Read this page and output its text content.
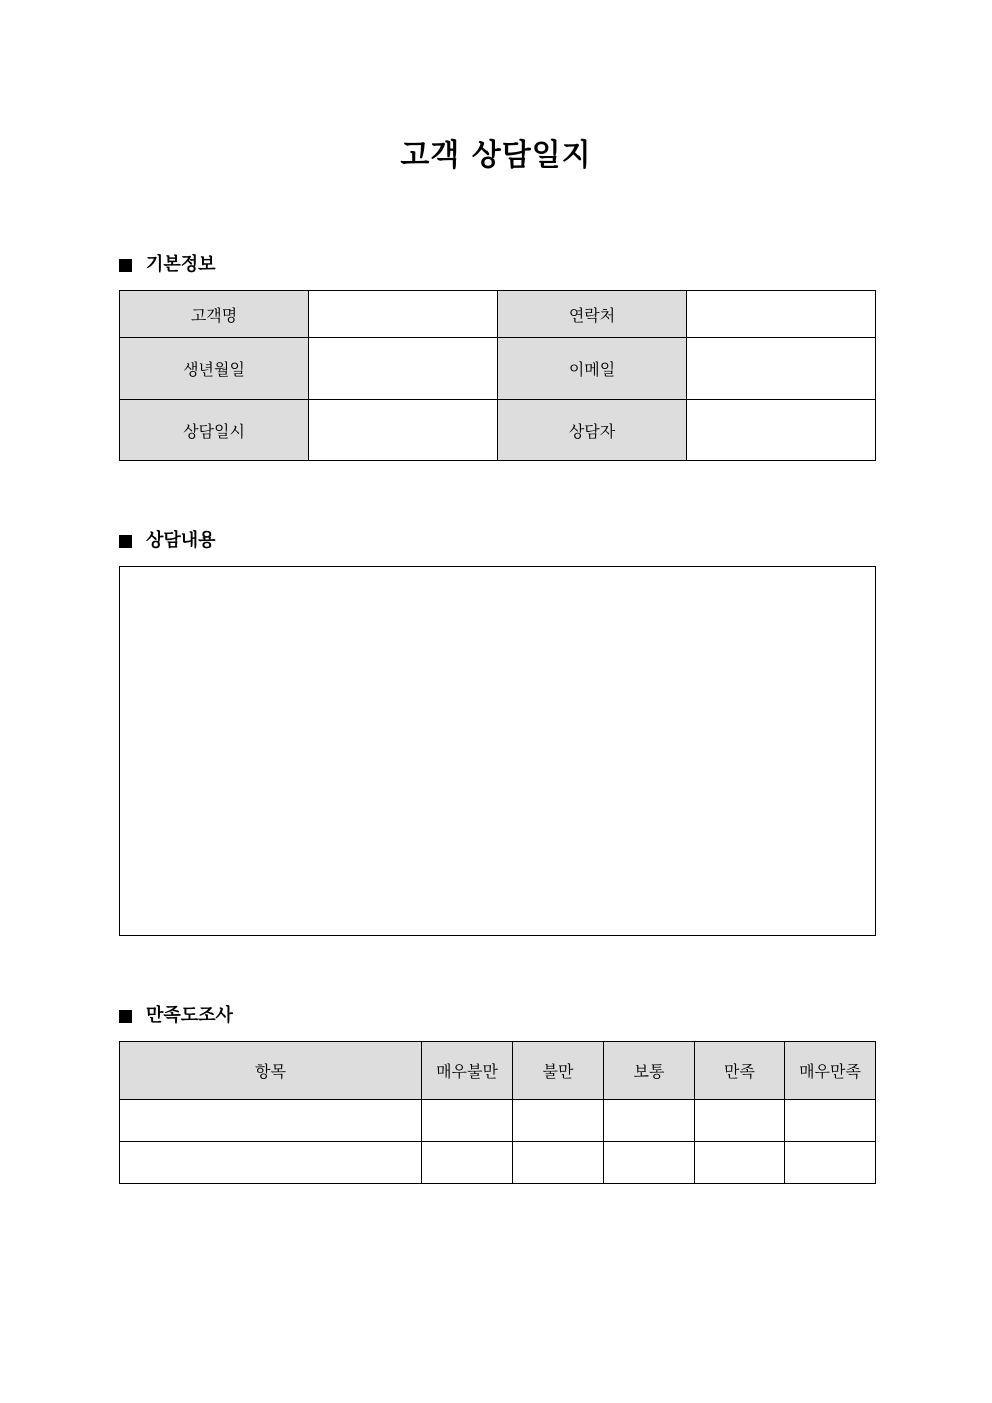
고객 상담일지
기본정보
고객명		연락처	
생년월일		이메일	
상담일시		상담자	
상담내용
만족도조사
항목	매우불만	불만	보통	만족	매우만족
